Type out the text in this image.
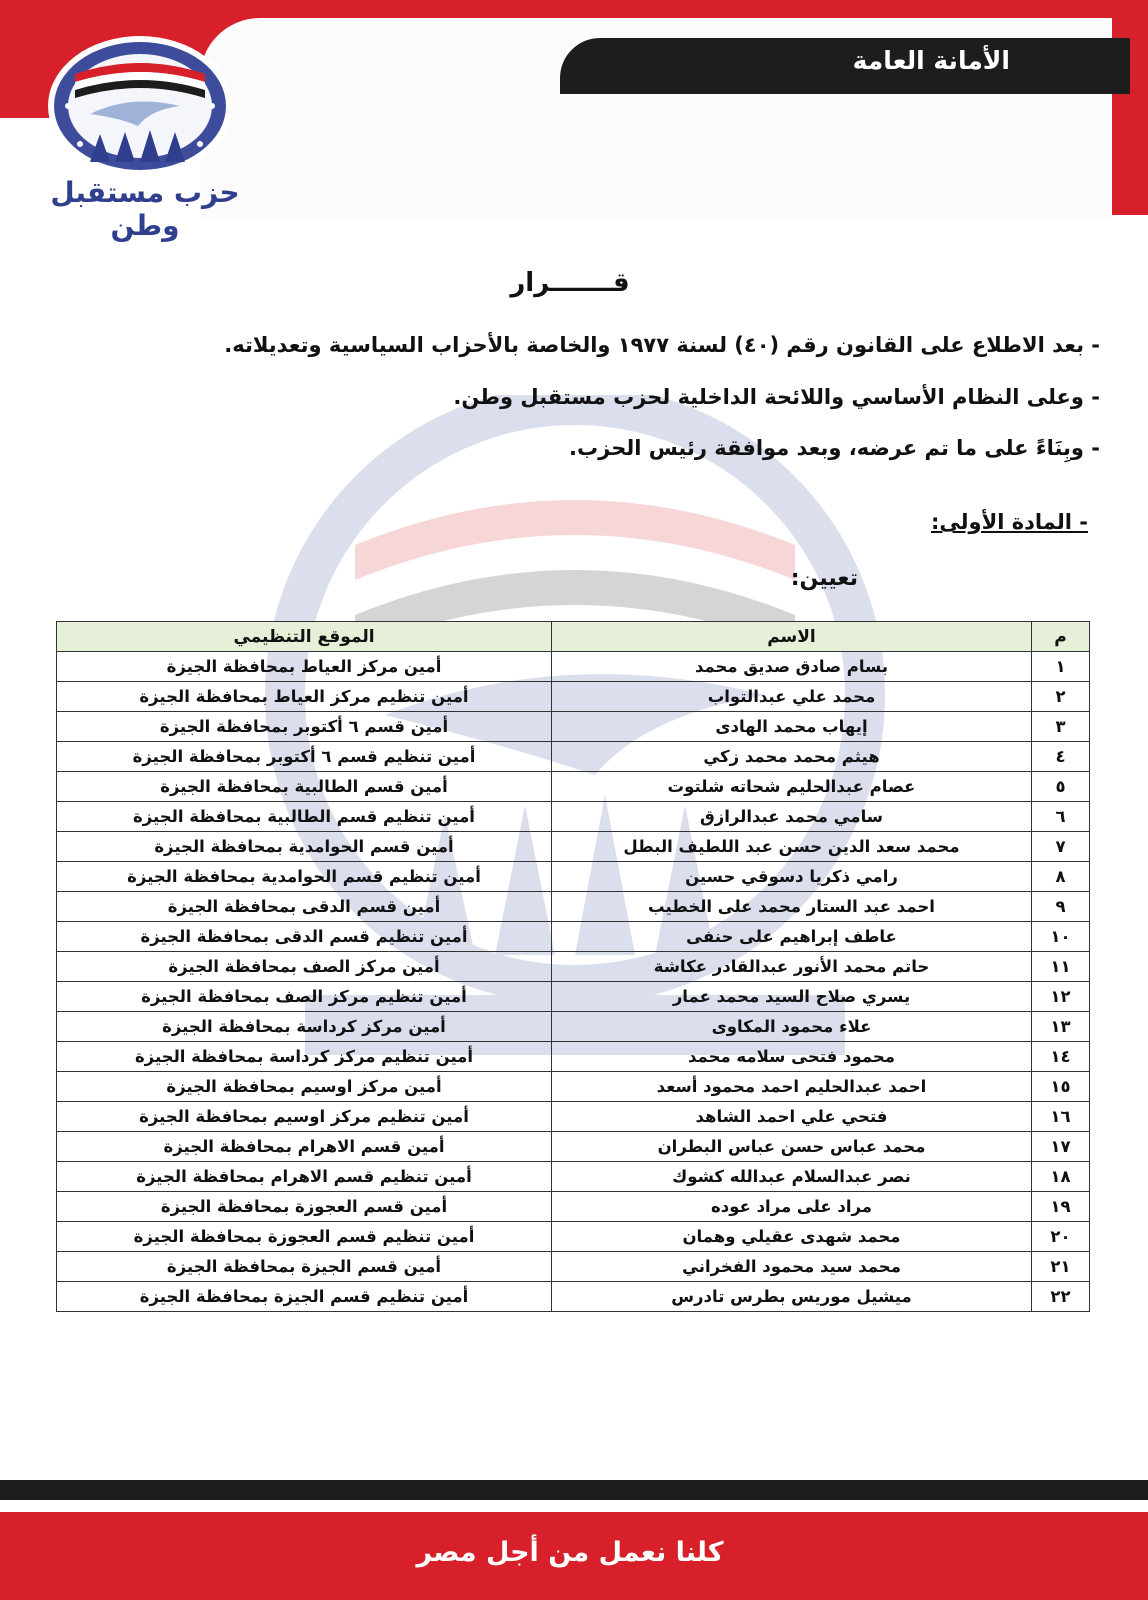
الأمانة العامة
حزب مستقبل وطن
قـــــــرار
- بعد الاطلاع على القانون رقم (٤٠) لسنة ١٩٧٧ والخاصة بالأحزاب السياسية وتعديلاته.
- وعلى النظام الأساسي واللائحة الداخلية لحزب مستقبل وطن.
- وبِنَاءً على ما تم عرضه، وبعد موافقة رئيس الحزب.
- المادة الأولى:
تعيين:
م	الاسم	الموقع التنظيمي
١	بسام صادق صديق محمد	أمين مركز العياط بمحافظة الجيزة
٢	محمد علي عبدالتواب	أمين تنظيم مركز العياط بمحافظة الجيزة
٣	إيهاب محمد الهادى	أمين قسم ٦ أكتوبر بمحافظة الجيزة
٤	هيثم محمد محمد زكي	أمين تنظيم قسم ٦ أكتوبر بمحافظة الجيزة
٥	عصام عبدالحليم شحاته شلتوت	أمين قسم الطالبية بمحافظة الجيزة
٦	سامي محمد عبدالرازق	أمين تنظيم قسم الطالبية بمحافظة الجيزة
٧	محمد سعد الدين حسن عبد اللطيف البطل	أمين قسم الحوامدية بمحافظة الجيزة
٨	رامي ذكريا دسوقي حسين	أمين تنظيم قسم الحوامدية بمحافظة الجيزة
٩	احمد عبد الستار محمد على الخطيب	أمين قسم الدقى بمحافظة الجيزة
١٠	عاطف إبراهيم على حنفى	أمين تنظيم قسم الدقى بمحافظة الجيزة
١١	حاتم محمد الأنور عبدالقادر عكاشة	أمين مركز الصف بمحافظة الجيزة
١٢	يسري صلاح السيد محمد عمار	أمين تنظيم مركز الصف بمحافظة الجيزة
١٣	علاء محمود المكاوى	أمين مركز كرداسة بمحافظة الجيزة
١٤	محمود فتحى سلامه محمد	أمين تنظيم مركز كرداسة بمحافظة الجيزة
١٥	احمد عبدالحليم احمد محمود أسعد	أمين مركز اوسيم بمحافظة الجيزة
١٦	فتحي علي احمد الشاهد	أمين تنظيم مركز اوسيم بمحافظة الجيزة
١٧	محمد عباس حسن عباس البطران	أمين قسم الاهرام بمحافظة الجيزة
١٨	نصر عبدالسلام عبدالله كشوك	أمين تنظيم قسم الاهرام بمحافظة الجيزة
١٩	مراد على مراد عوده	أمين قسم العجوزة بمحافظة الجيزة
٢٠	محمد شهدى عقيلي وهمان	أمين تنظيم قسم العجوزة بمحافظة الجيزة
٢١	محمد سيد محمود الفخراني	أمين قسم الجيزة بمحافظة الجيزة
٢٢	ميشيل موريس بطرس تادرس	أمين تنظيم قسم الجيزة بمحافظة الجيزة
كلنا نعمل من أجل مصر
